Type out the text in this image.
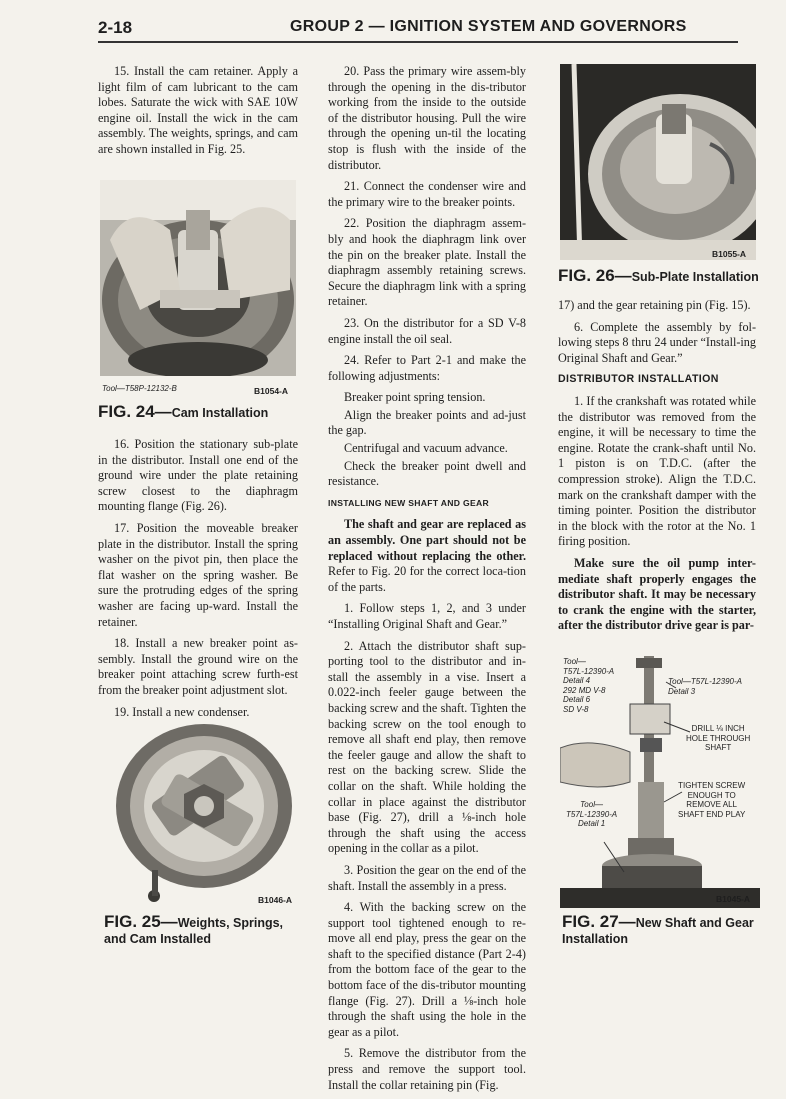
2-18	GROUP 2 — IGNITION SYSTEM AND GOVERNORS

15. Install the cam retainer. Apply a light film of cam lubricant to the cam lobes. Saturate the wick with SAE 10W engine oil. Install the wick in the cam assembly. The weights, springs, and cam are shown installed in Fig. 25.

Tool—T58P-12132-B	B1054-A
FIG. 24—Cam Installation

16. Position the stationary sub-plate in the distributor. Install one end of the ground wire under the plate retaining screw closest to the diaphragm mounting flange (Fig. 26).

17. Position the moveable breaker plate in the distributor. Install the spring washer on the pivot pin, then place the flat washer on the spring washer. Be sure the protruding edges of the spring washer are facing up-ward. Install the retainer.

18. Install a new breaker point as-sembly. Install the ground wire on the breaker point attaching screw furth-est from the breaker point adjustment slot.

19. Install a new condenser.

B1046-A
FIG. 25—Weights, Springs, and Cam Installed

20. Pass the primary wire assem-bly through the opening in the dis-tributor working from the inside to the outside of the distributor housing. Pull the wire through the opening un-til the locating stop is flush with the inside of the distributor.

21. Connect the condenser wire and the primary wire to the breaker points.

22. Position the diaphragm assem-bly and hook the diaphragm link over the pin on the breaker plate. Install the diaphragm assembly retaining screws. Secure the diaphragm link with a spring retainer.

23. On the distributor for a SD V-8 engine install the oil seal.

24. Refer to Part 2-1 and make the following adjustments:

Breaker point spring tension.

Align the breaker points and ad-just the gap.

Centrifugal and vacuum advance.

Check the breaker point dwell and resistance.

INSTALLING NEW SHAFT AND GEAR

The shaft and gear are replaced as an assembly. One part should not be replaced without replacing the other. Refer to Fig. 20 for the correct loca-tion of the parts.

1. Follow steps 1, 2, and 3 under “Installing Original Shaft and Gear.”

2. Attach the distributor shaft sup-porting tool to the distributor and in-stall the assembly in a vise. Insert a 0.022-inch feeler gauge between the backing screw and the shaft. Tighten the backing screw on the tool enough to remove all shaft end play, then remove the feeler gauge and allow the shaft to rest on the backing screw. Slide the collar on the shaft. While holding the collar in place against the distributor base (Fig. 27), drill a ⅛-inch hole through the shaft using the access opening in the collar as a pilot.

3. Position the gear on the end of the shaft. Install the assembly in a press.

4. With the backing screw on the support tool tightened enough to re-move all end play, press the gear on the shaft to the specified distance (Part 2-4) from the bottom face of the gear to the bottom face of the dis-tributor mounting flange (Fig. 27). Drill a ⅛-inch hole through the shaft using the hole in the gear as a pilot.

5. Remove the distributor from the press and remove the support tool. Install the collar retaining pin (Fig.

B1055-A
FIG. 26—Sub-Plate Installation

17) and the gear retaining pin (Fig. 15).

6. Complete the assembly by fol-lowing steps 8 thru 24 under “Install-ing Original Shaft and Gear.”

DISTRIBUTOR INSTALLATION

1. If the crankshaft was rotated while the distributor was removed from the engine, it will be necessary to time the engine. Rotate the crank-shaft until No. 1 piston is on T.D.C. (after the compression stroke). Align the T.D.C. mark on the crankshaft damper with the timing pointer. Position the distributor in the block with the rotor at the No. 1 firing position.

Make sure the oil pump inter-mediate shaft properly engages the distributor shaft. It may be necessary to crank the engine with the starter, after the distributor drive gear is par-

Tool—
T57L-12390-A
Detail 4
292 MD V-8
Detail 6
SD V-8
Tool—T57L-12390-A
Detail 3
DRILL ⅛ INCH
HOLE THROUGH
SHAFT
TIGHTEN SCREW
ENOUGH TO
REMOVE ALL
SHAFT END PLAY
Tool—
T57L-12390-A
Detail 1
B1045-A
FIG. 27—New Shaft and Gear Installation
